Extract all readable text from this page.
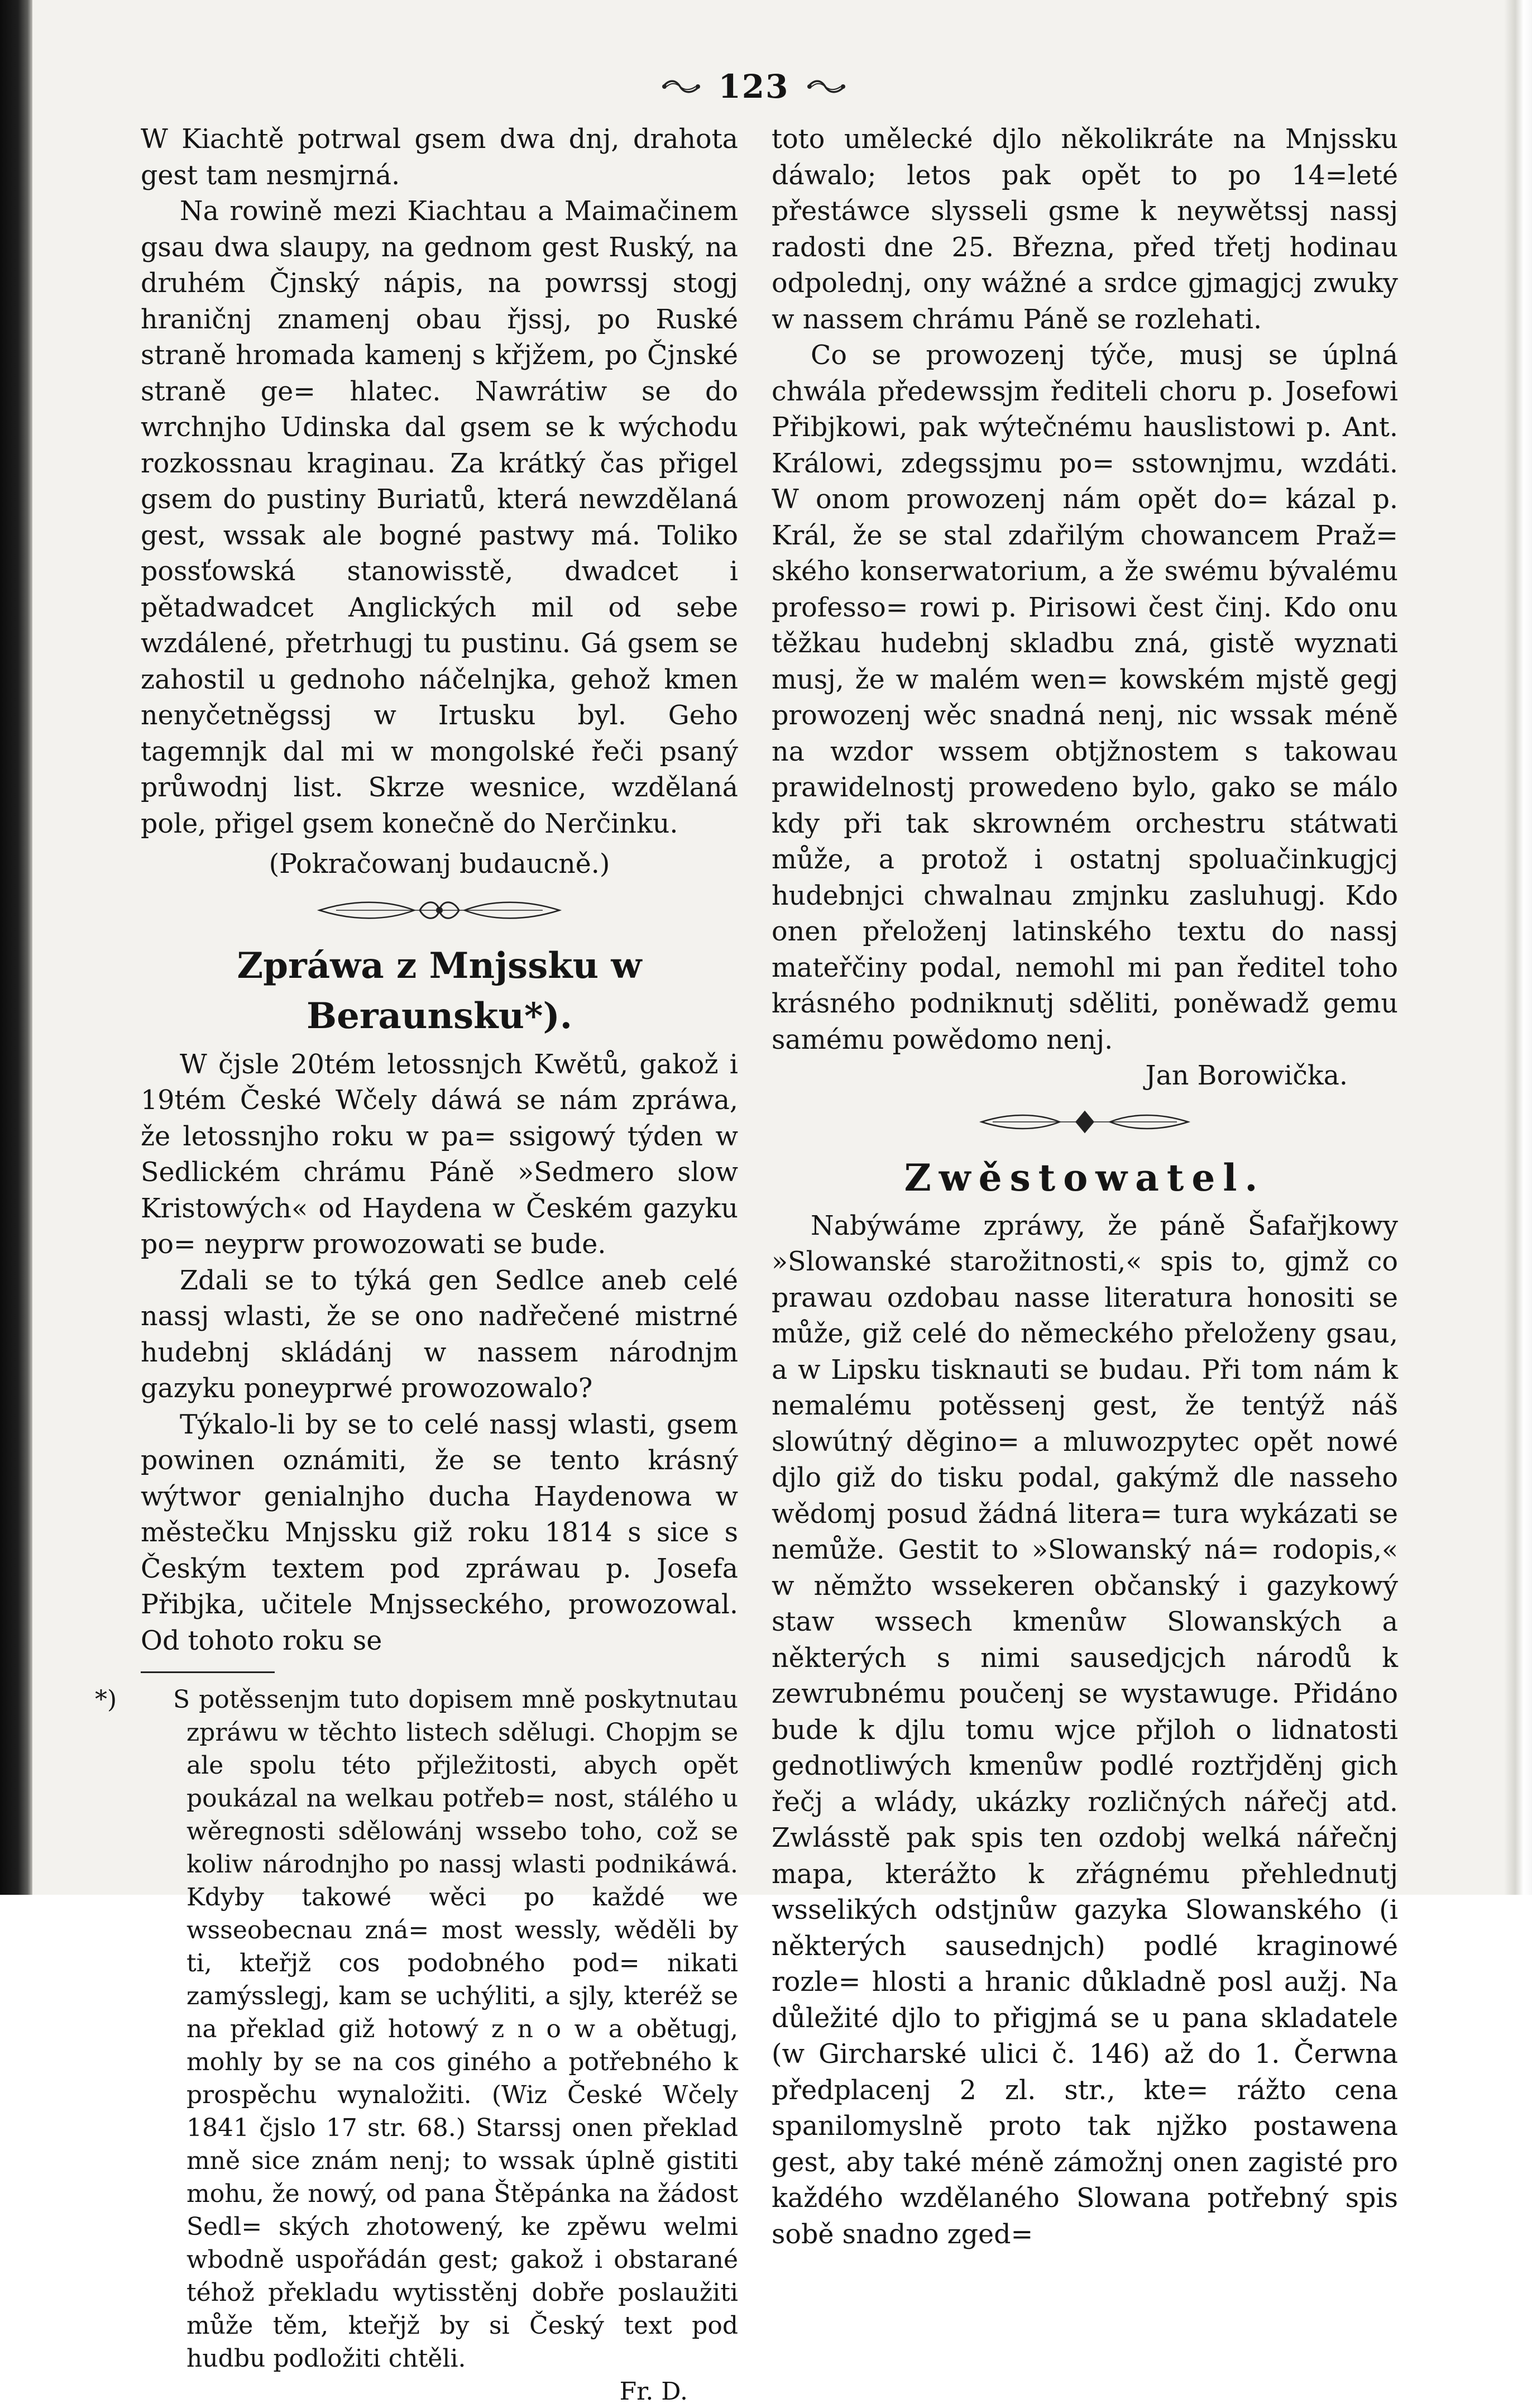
123

W Kiachtě potrwal gsem dwa dnj, drahota gest tam nesmjrná.

Na rowině mezi Kiachtau a Maimačinem gsau dwa slaupy, na gednom gest Ruský, na druhém Čjnský nápis, na powrssj stogj hraničnj znamenj obau řjssj, po Ruské straně hromada kamenj s křjžem, po Čjnské straně ge= hlatec. Nawrátiw se do wrchnjho Udinska dal gsem se k wýchodu rozkossnau kraginau. Za krátký čas přigel gsem do pustiny Buriatů, která newzdělaná gest, wssak ale bogné pastwy má. Toliko possťowská stanowisstě, dwadcet i pětadwadcet Anglických mil od sebe wzdálené, přetrhugj tu pustinu. Gá gsem se zahostil u gednoho náčelnjka, gehož kmen nenyčetněgssj w Irtusku byl. Geho tagemnjk dal mi w mongolské řeči psaný průwodnj list. Skrze wesnice, wzdělaná pole, přigel gsem konečně do Nerčinku.

(Pokračowanj budaucně.)

Zpráwa z Mnjssku w Beraunsku*).

W čjsle 20tém letossnjch Kwětů, gakož i 19tém České Wčely dáwá se nám zpráwa, že letossnjho roku w pa= ssigowý týden w Sedlickém chrámu Páně »Sedmero slow Kristowých« od Haydena w Českém gazyku po= neyprw prowozowati se bude.

Zdali se to týká gen Sedlce aneb celé nassj wlasti, že se ono nadřečené mistrné hudebnj skládánj w nassem národnjm gazyku poneyprwé prowozowalo?

Týkalo-li by se to celé nassj wlasti, gsem powinen oznámiti, že se tento krásný wýtwor genialnjho ducha Haydenowa w městečku Mnjssku giž roku 1814 s sice s Českým textem pod zpráwau p. Josefa Přibjka, učitele Mnjsseckého, prowozowal. Od tohoto roku se

*) S potěssenjm tuto dopisem mně poskytnutau zpráwu w těchto listech sdělugi. Chopjm se ale spolu této přjležitosti, abych opět poukázal na welkau potřeb= nost, stálého u wěregnosti sdělowánj wssebo toho, což se koliw národnjho po nassj wlasti podnikáwá. Kdyby takowé wěci po každé we wsseobecnau zná= most wessly, wěděli by ti, kteřjž cos podobného pod= nikati zamýsslegj, kam se uchýliti, a sjly, kteréž se na překlad giž hotowý z n o w a obětugj, mohly by se na cos giného a potřebného k prospěchu wynaložiti. (Wiz České Wčely 1841 čjslo 17 str. 68.) Starssj onen překlad mně sice znám nenj; to wssak úplně gistiti mohu, že nowý, od pana Štěpánka na žádost Sedl= ských zhotowený, ke zpěwu welmi wbodně uspořádán gest; gakož i obstarané téhož překladu wytisstěnj dobře poslaužiti může těm, kteřjž by si Český text pod hudbu podložiti chtěli.

Fr. D.

toto umělecké djlo několikráte na Mnjssku dáwalo; letos pak opět to po 14=leté přestáwce slysseli gsme k neywětssj nassj radosti dne 25. Března, před třetj hodinau odpolednj, ony wážné a srdce gjmagjcj zwuky w nassem chrámu Páně se rozlehati.

Co se prowozenj týče, musj se úplná chwála předewssjm řediteli choru p. Josefowi Přibjkowi, pak wýtečnému hauslistowi p. Ant. Králowi, zdegssjmu po= sstownjmu, wzdáti. W onom prowozenj nám opět do= kázal p. Král, že se stal zdařilým chowancem Praž= ského konserwatorium, a že swému bývalému professo= rowi p. Pirisowi čest činj. Kdo onu těžkau hudebnj skladbu zná, gistě wyznati musj, že w malém wen= kowském mjstě gegj prowozenj wěc snadná nenj, nic wssak méně na wzdor wssem obtjžnostem s takowau prawidelnostj prowedeno bylo, gako se málo kdy při tak skrowném orchestru státwati může, a protož i ostatnj spoluačinkugjcj hudebnjci chwalnau zmjnku zasluhugj. Kdo onen přeloženj latinského textu do nassj mateřčiny podal, nemohl mi pan ředitel toho krásného podniknutj sděliti, poněwadž gemu samému powědomo nenj.

Jan Borowička.

Zwěstowatel.

Nabýwáme zpráwy, že páně Šafařjkowy »Slowanské starožitnosti,« spis to, gjmž co prawau ozdobau nasse literatura honositi se může, giž celé do německého přeloženy gsau, a w Lipsku tisknauti se budau. Při tom nám k nemalému potěssenj gest, že tentýž náš slowútný děgino= a mluwozpytec opět nowé djlo giž do tisku podal, gakýmž dle nasseho wědomj posud žádná litera= tura wykázati se nemůže. Gestit to »Slowanský ná= rodopis,« w němžto wssekeren občanský i gazykowý staw wssech kmenůw Slowanských a některých s nimi sausedjcjch národů k zewrubnému poučenj se wystawuge. Přidáno bude k djlu tomu wjce přjloh o lidnatosti gednotliwých kmenůw podlé roztřjděnj gich řečj a wlády, ukázky rozličných nářečj atd. Zwlásstě pak spis ten ozdobj welká nářečnj mapa, kterážto k zřágnému přehlednutj wsselikých odstjnůw gazyka Slowanského (i některých sausednjch) podlé kraginowé rozle= hlosti a hranic důkladně posl aužj. Na důležité djlo to přigjmá se u pana skladatele (w Gircharské ulici č. 146) až do 1. Čerwna předplacenj 2 zl. str., kte= rážto cena spanilomyslně proto tak njžko postawena gest, aby také méně zámožnj onen zagisté pro každého wzdělaného Slowana potřebný spis sobě snadno zged=
